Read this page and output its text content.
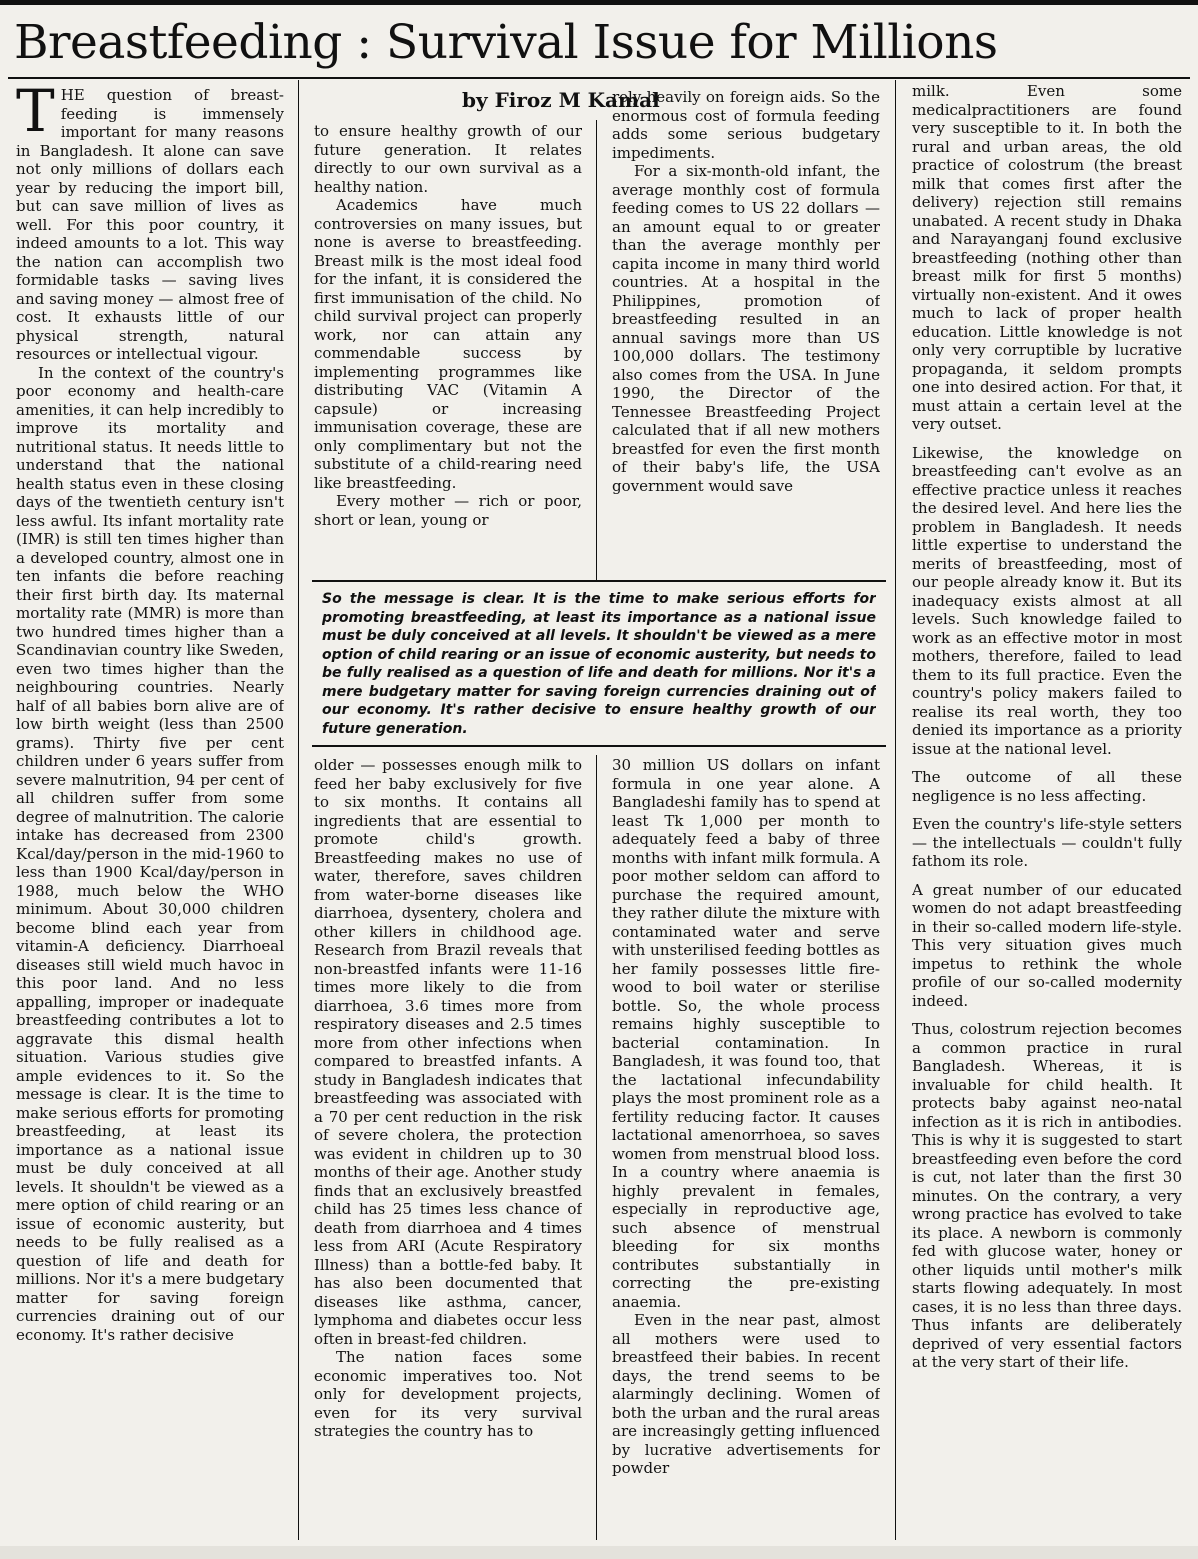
Breastfeeding : Survival Issue for Millions
by Firoz M Kamal

THE question of breast-feeding is immensely important for many reasons in Bangladesh. It alone can save not only millions of dollars each year by reducing the import bill, but can save million of lives as well. For this poor country, it indeed amounts to a lot. This way the nation can accomplish two formidable tasks — saving lives and saving money — almost free of cost. It exhausts little of our physical strength, natural resources or intellectual vigour.

In the context of the country's poor economy and health-care amenities, it can help incredibly to improve its mortality and nutritional status. It needs little to understand that the national health status even in these closing days of the twentieth century isn't less awful. Its infant mortality rate (IMR) is still ten times higher than a developed country, almost one in ten infants die before reaching their first birth day. Its maternal mortality rate (MMR) is more than two hundred times higher than a Scandinavian country like Sweden, even two times higher than the neighbouring countries. Nearly half of all babies born alive are of low birth weight (less than 2500 grams). Thirty five per cent children under 6 years suffer from severe malnutrition, 94 per cent of all children suffer from some degree of malnutrition. The calorie intake has decreased from 2300 Kcal/day/person in the mid-1960 to less than 1900 Kcal/day/person in 1988, much below the WHO minimum. About 30,000 children become blind each year from vitamin-A deficiency. Diarrhoeal diseases still wield much havoc in this poor land. And no less appalling, improper or inadequate breastfeeding contributes a lot to aggravate this dismal health situation. Various studies give ample evidences to it. So the message is clear. It is the time to make serious efforts for promoting breastfeeding, at least its importance as a national issue must be duly conceived at all levels. It shouldn't be viewed as a mere option of child rearing or an issue of economic austerity, but needs to be fully realised as a question of life and death for millions. Nor it's a mere budgetary matter for saving foreign currencies draining out of our economy. It's rather decisive

to ensure healthy growth of our future generation. It relates directly to our own survival as a healthy nation.

Academics have much controversies on many issues, but none is averse to breastfeeding. Breast milk is the most ideal food for the infant, it is considered the first immunisation of the child. No child survival project can properly work, nor can attain any commendable success by implementing programmes like distributing VAC (Vitamin A capsule) or increasing immunisation coverage, these are only complimentary but not the substitute of a child-rearing need like breastfeeding.

Every mother — rich or poor, short or lean, young or

rely heavily on foreign aids. So the enormous cost of formula feeding adds some serious budgetary impediments.

For a six-month-old infant, the average monthly cost of formula feeding comes to US 22 dollars — an amount equal to or greater than the average monthly per capita income in many third world countries. At a hospital in the Philippines, promotion of breastfeeding resulted in an annual savings more than US 100,000 dollars. The testimony also comes from the USA. In June 1990, the Director of the Tennessee Breastfeeding Project calculated that if all new mothers breastfed for even the first month of their baby's life, the USA government would save

So the message is clear. It is the time to make serious efforts for promoting breastfeeding, at least its importance as a national issue must be duly conceived at all levels. It shouldn't be viewed as a mere option of child rearing or an issue of economic austerity, but needs to be fully realised as a question of life and death for millions. Nor it's a mere budgetary matter for saving foreign currencies draining out of our economy. It's rather decisive to ensure healthy growth of our future generation.

older — possesses enough milk to feed her baby exclusively for five to six months. It contains all ingredients that are essential to promote child's growth. Breastfeeding makes no use of water, therefore, saves children from water-borne diseases like diarrhoea, dysentery, cholera and other killers in childhood age. Research from Brazil reveals that non-breastfed infants were 11-16 times more likely to die from diarrhoea, 3.6 times more from respiratory diseases and 2.5 times more from other infections when compared to breastfed infants. A study in Bangladesh indicates that breastfeeding was associated with a 70 per cent reduction in the risk of severe cholera, the protection was evident in children up to 30 months of their age. Another study finds that an exclusively breastfed child has 25 times less chance of death from diarrhoea and 4 times less from ARI (Acute Respiratory Illness) than a bottle-fed baby. It has also been documented that diseases like asthma, cancer, lymphoma and diabetes occur less often in breast-fed children.

The nation faces some economic imperatives too. Not only for development projects, even for its very survival strategies the country has to

30 million US dollars on infant formula in one year alone. A Bangladeshi family has to spend at least Tk 1,000 per month to adequately feed a baby of three months with infant milk formula. A poor mother seldom can afford to purchase the required amount, they rather dilute the mixture with contaminated water and serve with unsterilised feeding bottles as her family possesses little fire-wood to boil water or sterilise bottle. So, the whole process remains highly susceptible to bacterial contamination. In Bangladesh, it was found too, that the lactational infecundability plays the most prominent role as a fertility reducing factor. It causes lactational amenorrhoea, so saves women from menstrual blood loss. In a country where anaemia is highly prevalent in females, especially in reproductive age, such absence of menstrual bleeding for six months contributes substantially in correcting the pre-existing anaemia.

Even in the near past, almost all mothers were used to breastfeed their babies. In recent days, the trend seems to be alarmingly declining. Women of both the urban and the rural areas are increasingly getting influenced by lucrative advertisements for powder

milk. Even some medicalpractitioners are found very susceptible to it. In both the rural and urban areas, the old practice of colostrum (the breast milk that comes first after the delivery) rejection still remains unabated. A recent study in Dhaka and Narayanganj found exclusive breastfeeding (nothing other than breast milk for first 5 months) virtually non-existent. And it owes much to lack of proper health education. Little knowledge is not only very corruptible by lucrative propaganda, it seldom prompts one into desired action. For that, it must attain a certain level at the very outset.

Likewise, the knowledge on breastfeeding can't evolve as an effective practice unless it reaches the desired level. And here lies the problem in Bangladesh. It needs little expertise to understand the merits of breastfeeding, most of our people already know it. But its inadequacy exists almost at all levels. Such knowledge failed to work as an effective motor in most mothers, therefore, failed to lead them to its full practice. Even the country's policy makers failed to realise its real worth, they too denied its importance as a priority issue at the national level.

The outcome of all these negligence is no less affecting.

Even the country's life-style setters — the intellectuals — couldn't fully fathom its role.

A great number of our educated women do not adapt breastfeeding in their so-called modern life-style. This very situation gives much impetus to rethink the whole profile of our so-called modernity indeed.

Thus, colostrum rejection becomes a common practice in rural Bangladesh. Whereas, it is invaluable for child health. It protects baby against neo-natal infection as it is rich in antibodies. This is why it is suggested to start breastfeeding even before the cord is cut, not later than the first 30 minutes. On the contrary, a very wrong practice has evolved to take its place. A newborn is commonly fed with glucose water, honey or other liquids until mother's milk starts flowing adequately. In most cases, it is no less than three days. Thus infants are deliberately deprived of very essential factors at the very start of their life.
